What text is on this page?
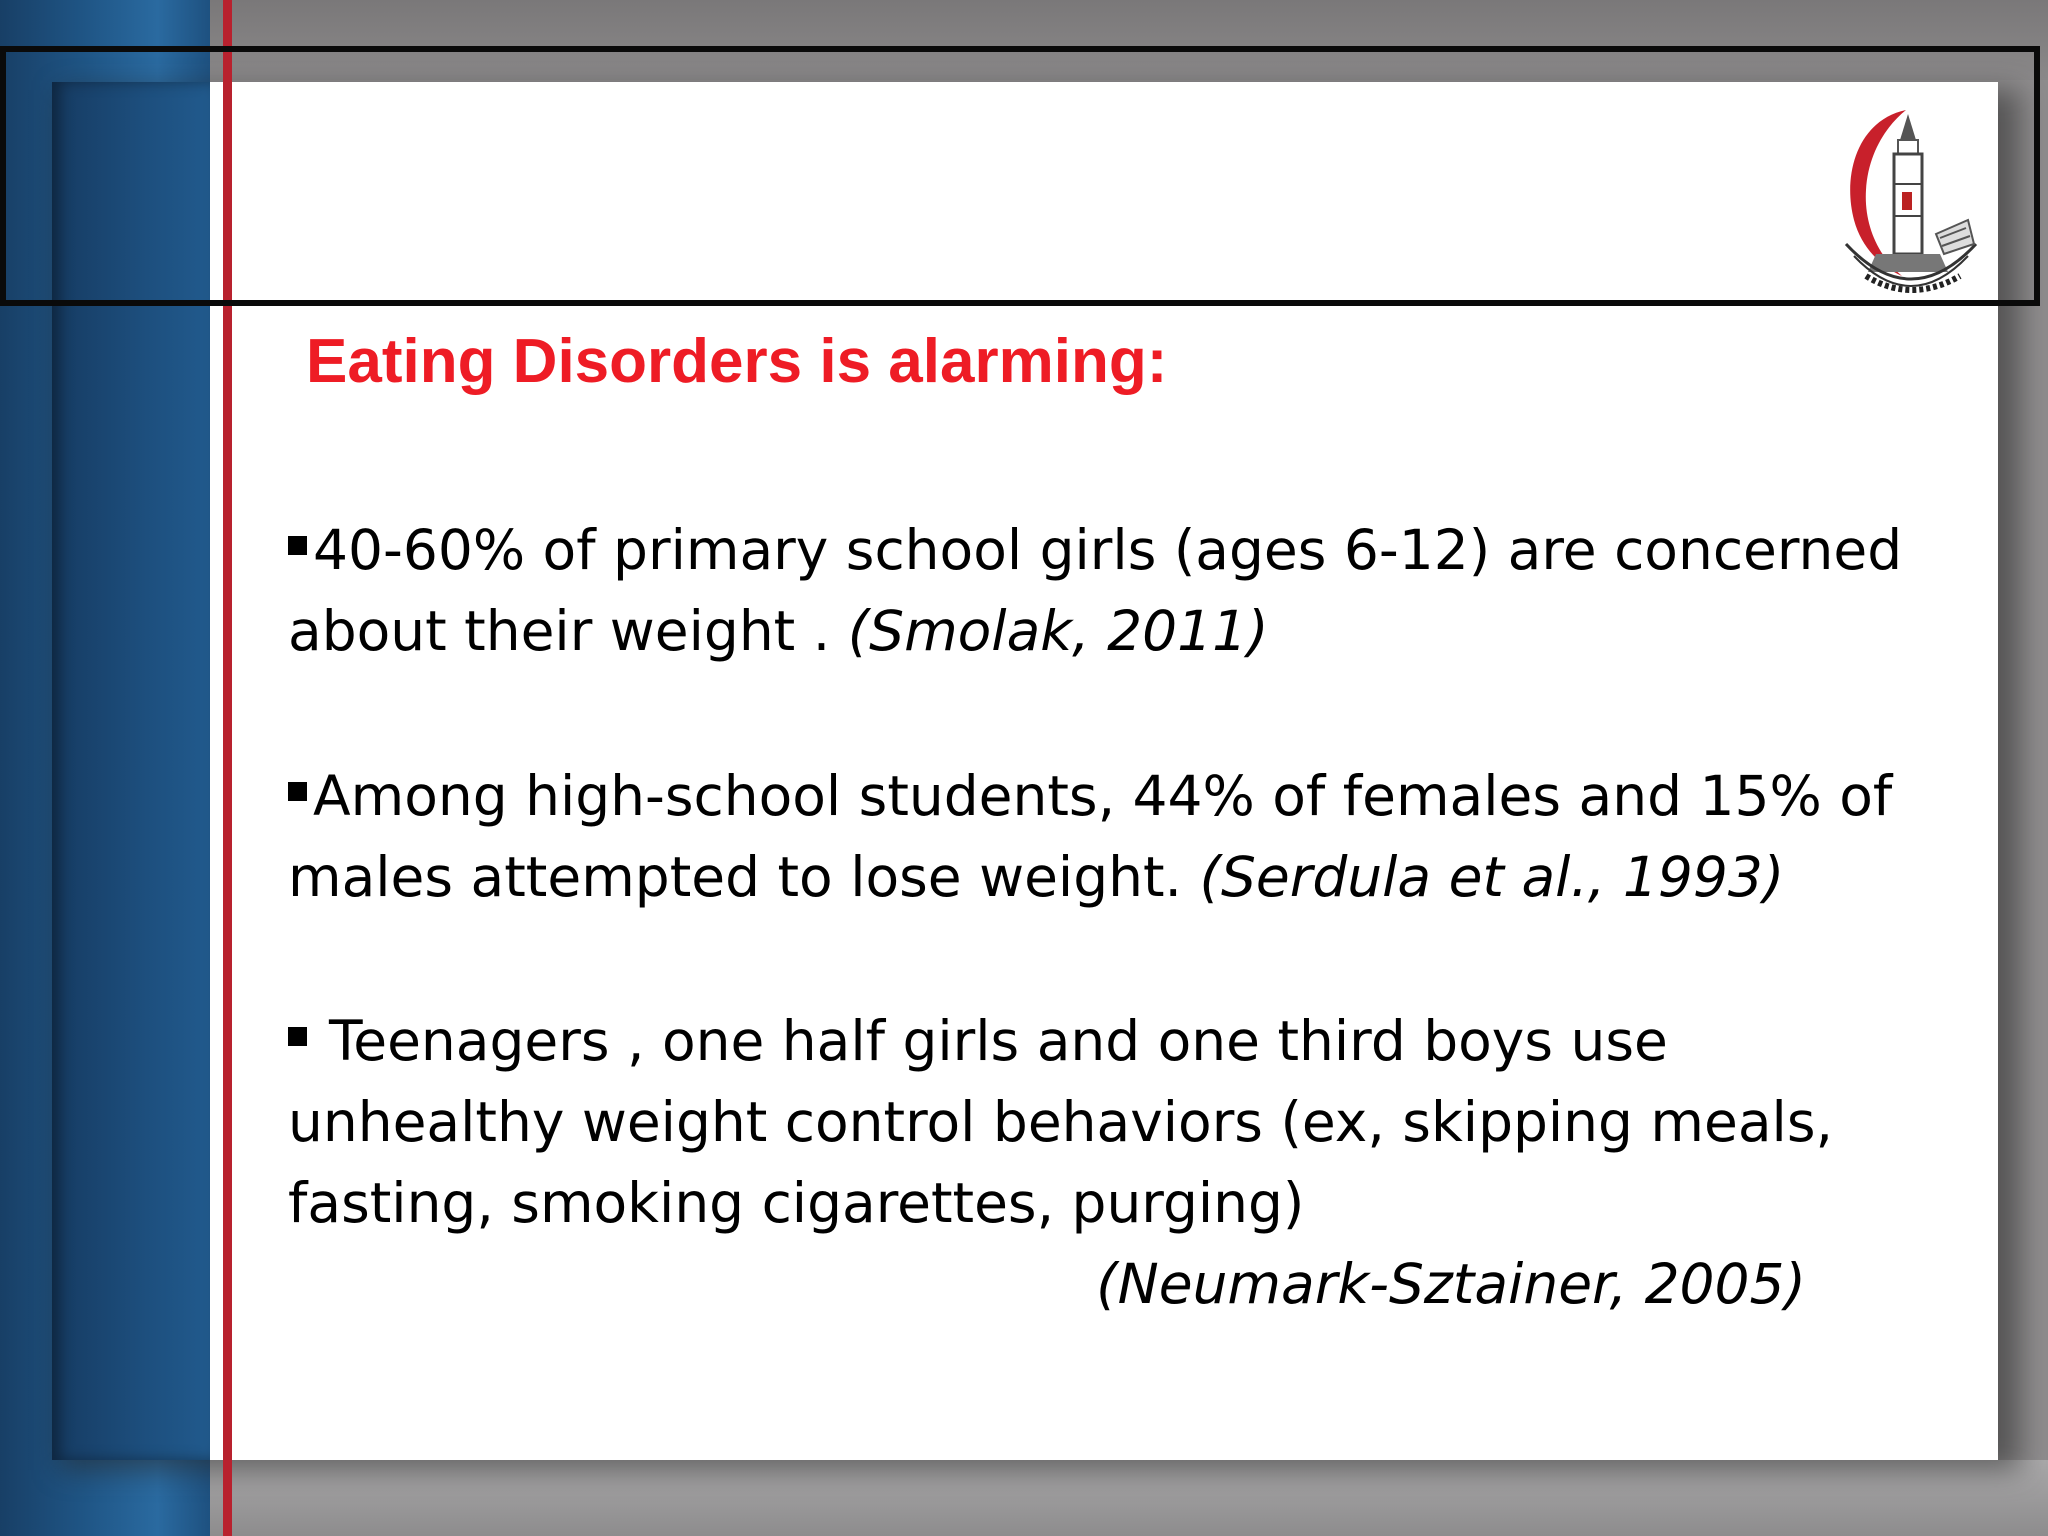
Eating Disorders is alarming:
40-60% of primary school girls (ages 6-12) are concerned about their weight . (Smolak, 2011)
Among high-school students, 44% of females and 15% of males attempted to lose weight. (Serdula et al., 1993)
Teenagers , one half girls and one third boys use unhealthy weight control behaviors (ex, skipping meals, fasting, smoking cigarettes, purging)
(Neumark-Sztainer, 2005)
